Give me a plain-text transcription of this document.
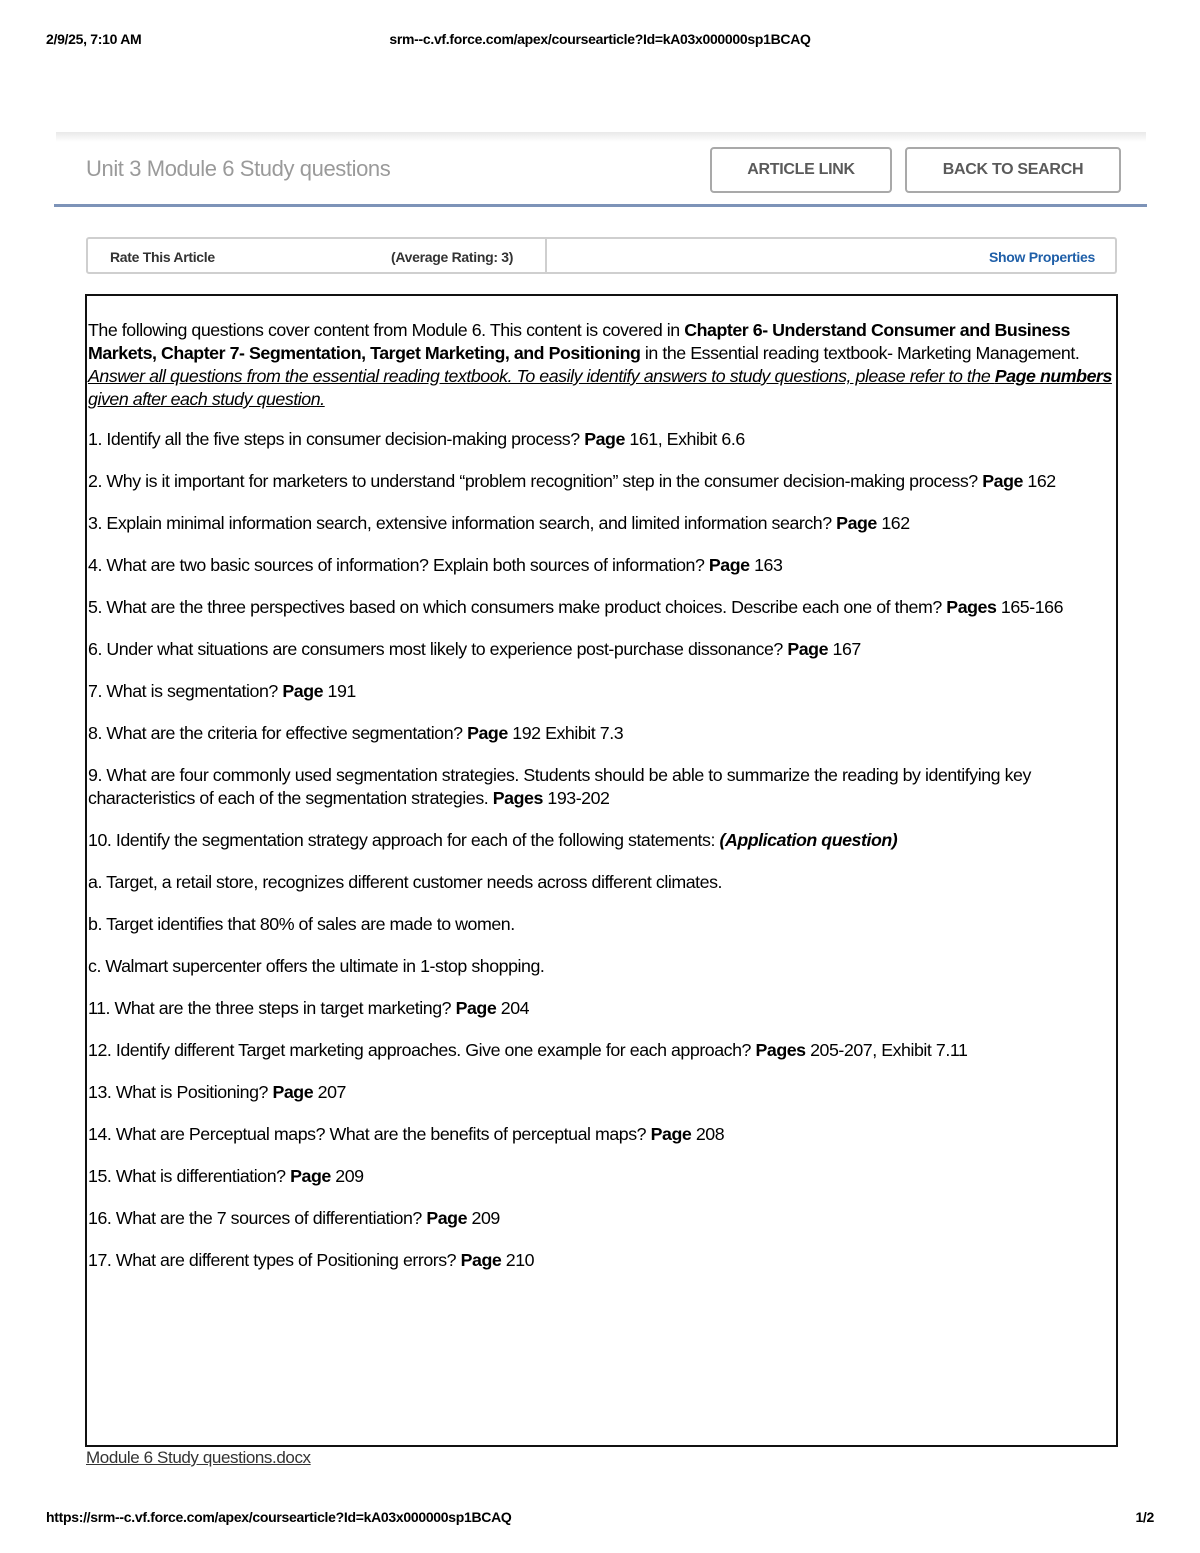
2/9/25, 7:10 AM	srm--c.vf.force.com/apex/coursearticle?Id=kA03x000000sp1BCAQ
Unit 3 Module 6 Study questions	ARTICLE LINK	BACK TO SEARCH
Rate This Article	(Average Rating: 3)	Show Properties

The following questions cover content from Module 6. This content is covered in Chapter 6- Understand Consumer and Business Markets, Chapter 7- Segmentation, Target Marketing, and Positioning in the Essential reading textbook- Marketing Management. Answer all questions from the essential reading textbook. To easily identify answers to study questions, please refer to the Page numbers given after each study question.

1. Identify all the five steps in consumer decision-making process? Page 161, Exhibit 6.6

2. Why is it important for marketers to understand “problem recognition” step in the consumer decision-making process? Page 162

3. Explain minimal information search, extensive information search, and limited information search? Page 162

4. What are two basic sources of information? Explain both sources of information? Page 163

5. What are the three perspectives based on which consumers make product choices. Describe each one of them? Pages 165-166

6. Under what situations are consumers most likely to experience post-purchase dissonance? Page 167

7. What is segmentation? Page 191

8. What are the criteria for effective segmentation? Page 192 Exhibit 7.3

9. What are four commonly used segmentation strategies. Students should be able to summarize the reading by identifying key characteristics of each of the segmentation strategies. Pages 193-202

10. Identify the segmentation strategy approach for each of the following statements: (Application question)

a. Target, a retail store, recognizes different customer needs across different climates.

b. Target identifies that 80% of sales are made to women.

c. Walmart supercenter offers the ultimate in 1-stop shopping.

11. What are the three steps in target marketing? Page 204

12. Identify different Target marketing approaches. Give one example for each approach? Pages 205-207, Exhibit 7.11

13. What is Positioning? Page 207

14. What are Perceptual maps? What are the benefits of perceptual maps? Page 208

15. What is differentiation? Page 209

16. What are the 7 sources of differentiation? Page 209

17. What are different types of Positioning errors? Page 210

Module 6 Study questions.docx
https://srm--c.vf.force.com/apex/coursearticle?Id=kA03x000000sp1BCAQ	1/2
